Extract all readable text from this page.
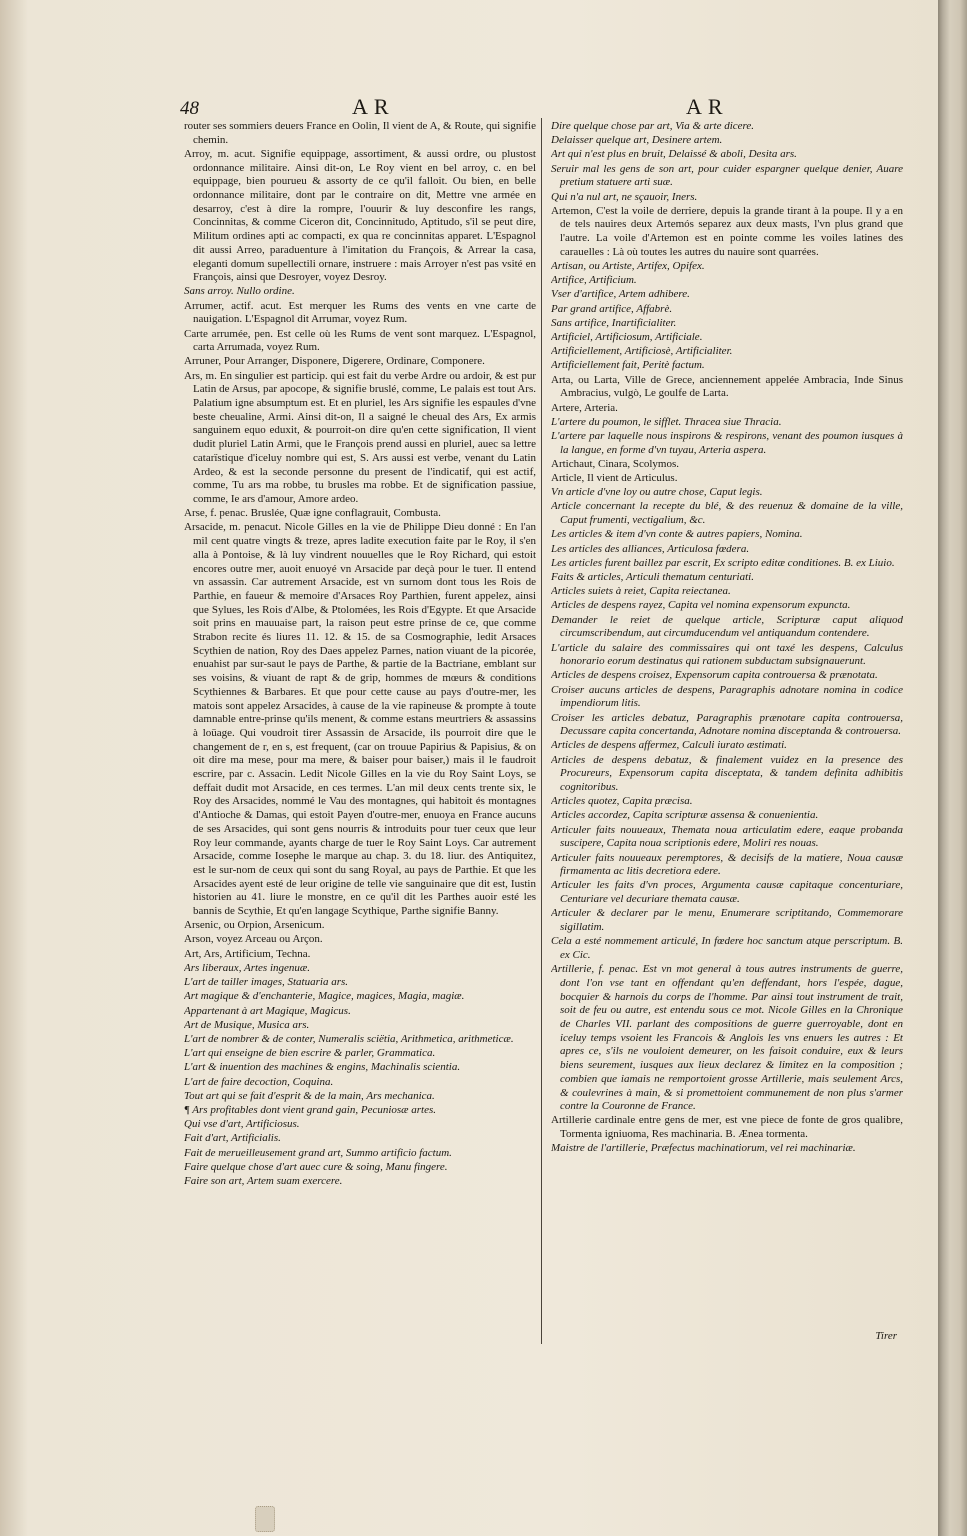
48	AR	AR

router ses sommiers deuers France en Oolin, Il vient de A, & Route, qui signifie chemin.

Arroy, m. acut. Signifie equippage, assortiment, & aussi ordre, ou plustost ordonnance militaire. Ainsi dit-on, Le Roy vient en bel arroy, c. en bel equippage, bien pourueu & assorty de ce qu'il falloit. Ou bien, en belle ordonnance militaire, dont par le contraire on dit, Mettre vne armée en desarroy, c'est à dire la rompre, l'ouurir & luy desconfire les rangs, Concinnitas, & comme Ciceron dit, Concinnitudo, Aptitudo, s'il se peut dire, Militum ordines apti ac compacti, ex qua re concinnitas apparet. L'Espagnol dit aussi Arreo, paraduenture à l'imitation du François, & Arrear la casa, eleganti domum supellectili ornare, instruere : mais Arroyer n'est pas vsité en François, ainsi que Desroyer, voyez Desroy.

Sans arroy. Nullo ordine.

Arrumer, actif. acut. Est merquer les Rums des vents en vne carte de nauigation. L'Espagnol dit Arrumar, voyez Rum.

Carte arrumée, pen. Est celle où les Rums de vent sont marquez. L'Espagnol, carta Arrumada, voyez Rum.

Arruner, Pour Arranger, Disponere, Digerere, Ordinare, Componere.

Ars, m. En singulier est particip. qui est fait du verbe Ardre ou ardoir, & est pur Latin de Arsus, par apocope, & signifie bruslé, comme, Le palais est tout Ars. Palatium igne absumptum est. Et en pluriel, les Ars signifie les espaules d'vne beste cheualine, Armi. Ainsi dit-on, Il a saigné le cheual des Ars, Ex armis sanguinem equo eduxit, & pourroit-on dire qu'en cette signification, Il vient dudit pluriel Latin Armi, que le François prend aussi en pluriel, auec sa lettre catarïstique d'iceluy nombre qui est, S. Ars aussi est verbe, venant du Latin Ardeo, & est la seconde personne du present de l'indicatif, qui est actif, comme, Tu ars ma robbe, tu brusles ma robbe. Et de signification passiue, comme, Ie ars d'amour, Amore ardeo.

Arse, f. penac. Bruslée, Quæ igne conflagrauit, Combusta.

Arsacide, m. penacut. Nicole Gilles en la vie de Philippe Dieu donné : En l'an mil cent quatre vingts & treze, apres ladite execution faite par le Roy, il s'en alla à Pontoise, & là luy vindrent nouuelles que le Roy Richard, qui estoit encores outre mer, auoit enuoyé vn Arsacide par deçà pour le tuer. Il entend vn assassin. Car autrement Arsacide, est vn surnom dont tous les Rois de Parthie, en faueur & memoire d'Arsaces Roy Parthien, furent appelez, ainsi que Sylues, les Rois d'Albe, & Ptolomées, les Rois d'Egypte. Et que Arsacide soit prins en mauuaise part, la raison peut estre prinse de ce, que comme Strabon recite és liures 11. 12. & 15. de sa Cosmographie, ledit Arsaces Scythien de nation, Roy des Daes appelez Parnes, nation viuant de la picorée, enuahist par sur-saut le pays de Parthe, & partie de la Bactriane, emblant sur ses voisins, & viuant de rapt & de grip, hommes de mœurs & conditions Scythiennes & Barbares. Et que pour cette cause au pays d'outre-mer, les matois sont appelez Arsacides, à cause de la vie rapineuse & prompte à toute damnable entre-prinse qu'ils menent, & comme estans meurtriers & assassins à loüage. Qui voudroit tirer Assassin de Arsacide, ils pourroit dire que le changement de r, en s, est frequent, (car on trouue Papirius & Papisius, & on oit dire ma mese, pour ma mere, & baiser pour baiser,) mais il le faudroit escrire, par c. Assacin. Ledit Nicole Gilles en la vie du Roy Saint Loys, se deffait dudit mot Arsacide, en ces termes. L'an mil deux cents trente six, le Roy des Arsacides, nommé le Vau des montagnes, qui habitoit és montagnes d'Antioche & Damas, qui estoit Payen d'outre-mer, enuoya en France aucuns de ses Arsacides, qui sont gens nourris & introduits pour tuer ceux que leur Roy leur commande, ayants charge de tuer le Roy Saint Loys. Car autrement Arsacide, comme Iosephe le marque au chap. 3. du 18. liur. des Antiquitez, est le sur-nom de ceux qui sont du sang Royal, au pays de Parthie. Et que les Arsacides ayent esté de leur origine de telle vie sanguinaire que dit est, Iustin historien au 41. liure le monstre, en ce qu'il dit les Parthes auoir esté les bannis de Scythie, Et qu'en langage Scythique, Parthe signifie Banny.

Arsenic, ou Orpion, Arsenicum.

Arson, voyez Arceau ou Arçon.

Art, Ars, Artificium, Techna.

Ars liberaux, Artes ingenuæ.

L'art de tailler images, Statuaria ars.

Art magique & d'enchanterie, Magice, magices, Magia, magiæ.

Appartenant à art Magique, Magicus.

Art de Musique, Musica ars.

L'art de nombrer & de conter, Numeralis sciëtia, Arithmetica, arithmeticæ.

L'art qui enseigne de bien escrire & parler, Grammatica.

L'art & inuention des machines & engins, Machinalis scientia.

L'art de faire decoction, Coquina.

Tout art qui se fait d'esprit & de la main, Ars mechanica.

¶ Ars profitables dont vient grand gain, Pecuniosæ artes.

Qui vse d'art, Artificiosus.

Fait d'art, Artificialis.

Fait de merueilleusement grand art, Summo artificio factum.

Faire quelque chose d'art auec cure & soing, Manu fingere.

Faire son art, Artem suam exercere.

Dire quelque chose par art, Via & arte dicere.

Delaisser quelque art, Desinere artem.

Art qui n'est plus en bruit, Delaissé & aboli, Desita ars.

Seruir mal les gens de son art, pour cuider espargner quelque denier, Auare pretium statuere arti suæ.

Qui n'a nul art, ne sçauoir, Iners.

Artemon, C'est la voile de derriere, depuis la grande tirant à la poupe. Il y a en de tels nauires deux Artemós separez aux deux masts, l'vn plus grand que l'autre. La voile d'Artemon est en pointe comme les voiles latines des carauelles : Là où toutes les autres du nauire sont quarrées.

Artisan, ou Artiste, Artifex, Opifex.

Artifice, Artificium.

Vser d'artifice, Artem adhibere.

Par grand artifice, Affabrè.

Sans artifice, Inartificialiter.

Artificiel, Artificiosum, Artificiale.

Artificiellement, Artificiosè, Artificialiter.

Artificiellement fait, Peritè factum.

Arta, ou Larta, Ville de Grece, anciennement appelée Ambracia, Inde Sinus Ambracius, vulgò, Le goulfe de Larta.

Artere, Arteria.

L'artere du poumon, le sifflet. Thracea siue Thracia.

L'artere par laquelle nous inspirons & respirons, venant des poumon iusques à la langue, en forme d'vn tuyau, Arteria aspera.

Artichaut, Cinara, Scolymos.

Article, Il vient de Articulus.

Vn article d'vne loy ou autre chose, Caput legis.

Article concernant la recepte du blé, & des reuenuz & domaine de la ville, Caput frumenti, vectigalium, &c.

Les articles & item d'vn conte & autres papiers, Nomina.

Les articles des alliances, Articulosa fœdera.

Les articles furent baillez par escrit, Ex scripto editæ conditiones. B. ex Liuio.

Faits & articles, Articuli thematum centuriati.

Articles suiets à reiet, Capita reiectanea.

Articles de despens rayez, Capita vel nomina expensorum expuncta.

Demander le reiet de quelque article, Scripturæ caput aliquod circumscribendum, aut circumducendum vel antiquandum contendere.

L'article du salaire des commissaires qui ont taxé les despens, Calculus honorario eorum destinatus qui rationem subductam subsignauerunt.

Articles de despens croisez, Expensorum capita controuersa & prænotata.

Croiser aucuns articles de despens, Paragraphis adnotare nomina in codice impendiorum litis.

Croiser les articles debatuz, Paragraphis prænotare capita controuersa, Decussare capita concertanda, Adnotare nomina disceptanda & controuersa.

Articles de despens affermez, Calculi iurato æstimati.

Articles de despens debatuz, & finalement vuidez en la presence des Procureurs, Expensorum capita disceptata, & tandem definita adhibitis cognitoribus.

Articles quotez, Capita præcisa.

Articles accordez, Capita scripturæ assensa & conuenientia.

Articuler faits nouueaux, Themata noua articulatim edere, eaque probanda suscipere, Capita noua scriptionis edere, Moliri res nouas.

Articuler faits nouueaux peremptores, & decisifs de la matiere, Noua causæ firmamenta ac litis decretiora edere.

Articuler les faits d'vn proces, Argumenta causæ capitaque concenturiare, Centuriare vel decuriare themata causæ.

Articuler & declarer par le menu, Enumerare scriptitando, Commemorare sigillatim.

Cela a esté nommement articulé, In fœdere hoc sanctum atque perscriptum. B. ex Cic.

Artillerie, f. penac. Est vn mot general à tous autres instruments de guerre, dont l'on vse tant en offendant qu'en deffendant, hors l'espée, dague, bocquier & harnois du corps de l'homme. Par ainsi tout instrument de trait, soit de feu ou autre, est entendu sous ce mot. Nicole Gilles en la Chronique de Charles VII. parlant des compositions de guerre guerroyable, dont en iceluy temps vsoient les Francois & Anglois les vns enuers les autres : Et apres ce, s'ils ne vouloient demeurer, on les faisoit conduire, eux & leurs biens seurement, iusques aux lieux declarez & limitez en la composition ; combien que iamais ne remportoient grosse Artillerie, mais seulement Arcs, & coulevrines à main, & si promettoient communement de non plus s'armer contre la Couronne de France.

Artillerie cardinale entre gens de mer, est vne piece de fonte de gros qualibre, Tormenta igniuoma, Res machinaria. B. Ænea tormenta.

Maistre de l'artillerie, Præfectus machinatiorum, vel rei machinariæ.

Tirer
